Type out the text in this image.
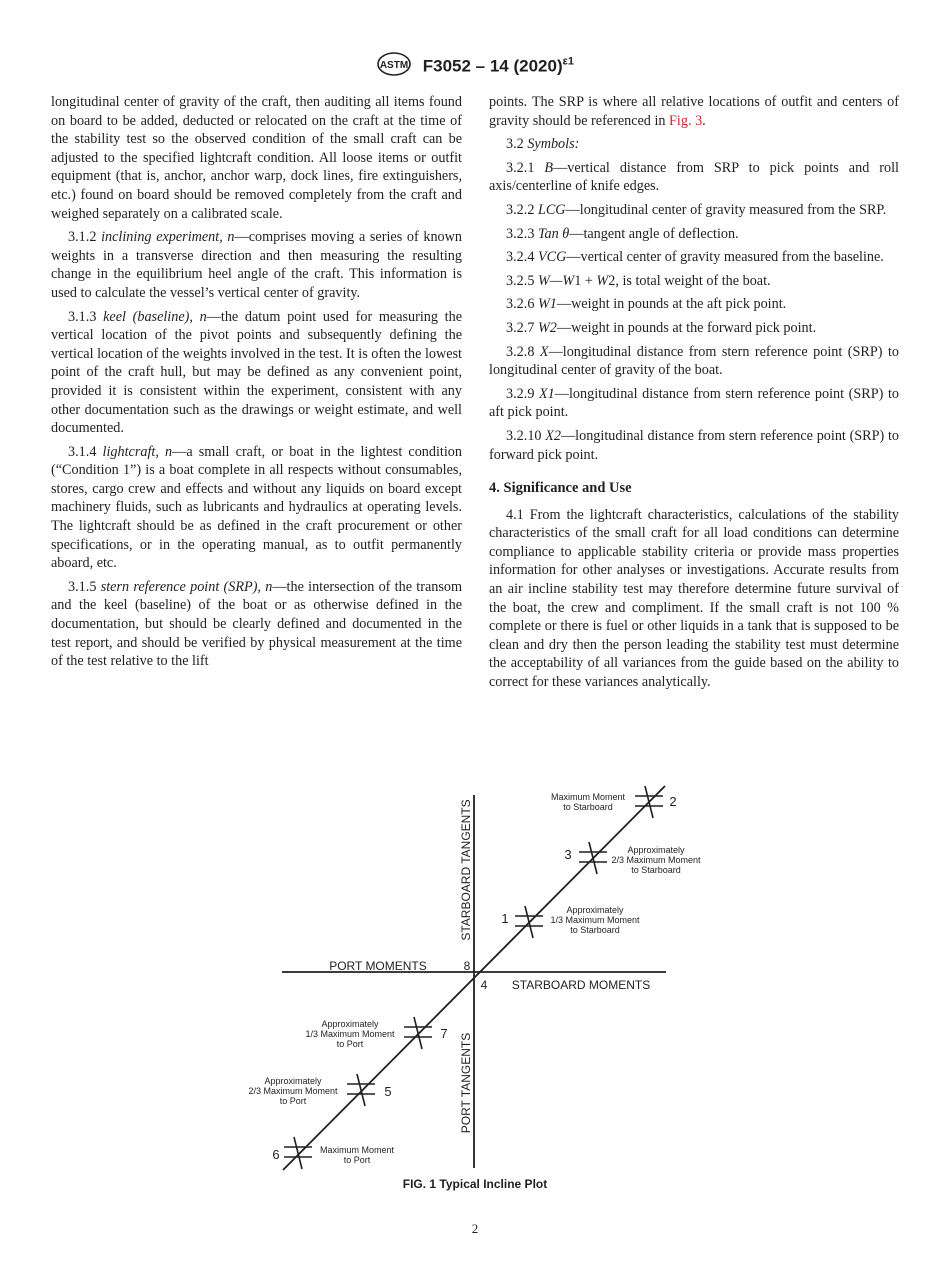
ASTM F3052 – 14 $(2020)^{\varepsilon 1}$

longitudinal center of gravity of the craft, then auditing all items found on board to be added, deducted or relocated on the craft at the time of the stability test so the observed condition of the small craft can be adjusted to the specified lightcraft condition. All loose items or outfit equipment (that is, anchor, anchor warp, dock lines, fire extinguishers, etc.) found on board should be removed completely from the craft and weighed separately on a calibrated scale.

3.1.2 inclining experiment, n—comprises moving a series of known weights in a transverse direction and then measuring the resulting change in the equilibrium heel angle of the craft. This information is used to calculate the vessel’s vertical center of gravity.

3.1.3 keel (baseline), n—the datum point used for measuring the vertical location of the pivot points and subsequently defining the vertical location of the weights involved in the test. It is often the lowest point of the craft hull, but may be defined as any convenient point, provided it is consistent within the experiment, consistent with any other documentation such as the drawings or weight estimate, and well documented.

3.1.4 lightcraft, n—a small craft, or boat in the lightest condition (“Condition 1”) is a boat complete in all respects without consumables, stores, cargo crew and effects and without any liquids on board except machinery fluids, such as lubricants and hydraulics at operating levels. The lightcraft should be as defined in the craft procurement or other specifications, or in the operating manual, as to outfit permanently aboard, etc.

3.1.5 stern reference point (SRP), n—the intersection of the transom and the keel (baseline) of the boat or as otherwise defined in the documentation, but should be clearly defined and documented in the test report, and should be verified by physical measurement at the time of the test relative to the lift

points. The SRP is where all relative locations of outfit and centers of gravity should be referenced in Fig. 3.

3.2 Symbols:

3.2.1 B—vertical distance from SRP to pick points and roll axis/centerline of knife edges.

3.2.2 LCG—longitudinal center of gravity measured from the SRP.

3.2.3 Tan θ—tangent angle of deflection.

3.2.4 VCG—vertical center of gravity measured from the baseline.

3.2.5 W—W1 + W2, is total weight of the boat.

3.2.6 W1—weight in pounds at the aft pick point.

3.2.7 W2—weight in pounds at the forward pick point.

3.2.8 X—longitudinal distance from stern reference point (SRP) to longitudinal center of gravity of the boat.

3.2.9 X1—longitudinal distance from stern reference point (SRP) to aft pick point.

3.2.10 X2—longitudinal distance from stern reference point (SRP) to forward pick point.

4. Significance and Use

4.1 From the lightcraft characteristics, calculations of the stability characteristics of the small craft for all load conditions can determine compliance to applicable stability criteria or provide mass properties information for other analyses or investigations. Accurate results from an air incline stability test may therefore determine future survival of the boat, the crew and compliment. If the small craft is not 100 % complete or there is fuel or other liquids in a tank that is supposed to be clean and dry then the person leading the stability test must determine the acceptability of all variances from the guide based on the ability to correct for these variances analytically.

STARBOARD TANGENTS
PORT TANGENTS
PORT MOMENTS
STARBOARD MOMENTS
8
4
2
Maximum Moment to Starboard
3	Approximately 2/3 Maximum Moment to Starboard
1
Approximately 1/3 Maximum Moment to Starboard
7
Approximately 1/3 Maximum Moment to Port
5
Approximately 2/3 Maximum Moment to Port
6	Maximum Moment to Port
FIG. 1 Typical Incline Plot
2
